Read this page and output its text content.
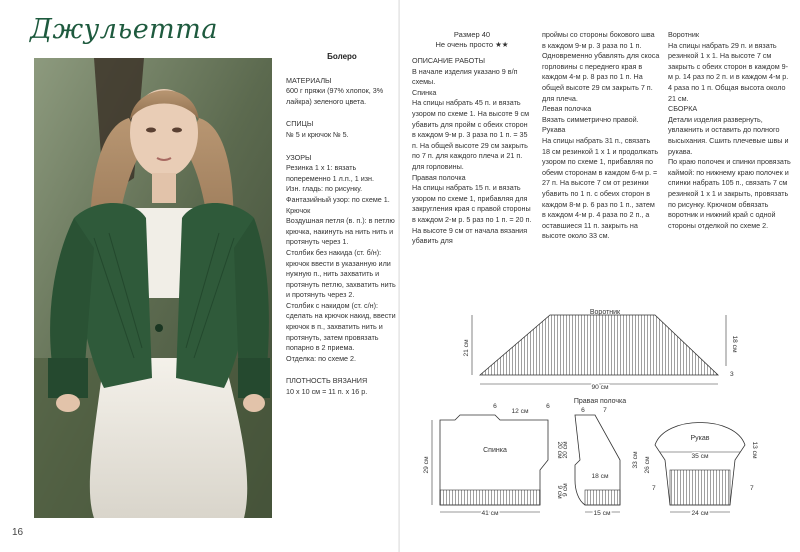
Джульетта
Болеро
МАТЕРИАЛЫ
600 г пряжи (97% хлопок, 3% лайкра) зеленого цвета.
СПИЦЫ
№ 5 и крючок № 5.
УЗОРЫ
Резинка 1 х 1: вязать попеременно 1 л.п., 1 изн.
Изн. гладь: по рисунку.
Фантазийный узор: по схеме 1.
Крючок
Воздушная петля (в. п.): в петлю крючка, накинуть на нить нить и протянуть через 1.
Столбик без накида (ст. б/н): крючок ввести в указанную или нужную п., нить захватить и протянуть петлю, захватить нить и протянуть через 2.
Столбик с накидом (ст. с/н): сделать на крючок накид, ввести крючок в п., захватить нить и протянуть, затем провязать попарно в 2 приема.
Отделка: по схеме 2.
ПЛОТНОСТЬ ВЯЗАНИЯ
10 х 10 см = 11 п. х 16 р.
16
Размер 40
Не очень просто ★★
ОПИСАНИЕ РАБОТЫ
В начале изделия указано 9 в/п схемы.
Спинка
На спицы набрать 45 п. и вязать узором по схеме 1. На высоте 9 см убавить для пройм с обеих сторон в каждом 9-м р. 3 раза по 1 п. = 35 п. На общей высоте 29 см закрыть по 7 п. для каждого плеча и 21 п. для горловины.
Правая полочка
На спицы набрать 15 п. и вязать узором по схеме 1, прибавляя для закругления края с правой стороны в каждом 2-м р. 5 раз по 1 п. = 20 п. На высоте 9 см от начала вязания убавить для
проймы со стороны бокового шва в каждом 9-м р. 3 раза по 1 п. Одновременно убавлять для скоса горловины с переднего края в каждом 4-м р. 8 раз по 1 п. На общей высоте 29 см закрыть 7 п. для плеча.
Левая полочка
Вязать симметрично правой.
Рукава
На спицы набрать 31 п., связать 18 см резинкой 1 х 1 и продолжать узором по схеме 1, прибавляя по обеим сторонам в каждом 6-м р. = 27 п. На высоте 7 см от резинки убавить по 1 п. с обеих сторон в каждом 8-м р. 6 раз по 1 п., затем в каждом 4-м р. 4 раза по 2 п., а оставшиеся 11 п. закрыть на высоте около 33 см.
Воротник
На спицы набрать 29 п. и вязать резинкой 1 х 1. На высоте 7 см закрыть с обеих сторон в каждом 9-м р. 14 раз по 2 п. и в каждом 4-м р. 4 раза по 1 п. Общая высота около 21 см.
СБОРКА
Детали изделия развернуть, увлажнить и оставить до полного высыхания. Сшить плечевые швы и рукава.
По краю полочек и спинки провязать каймой: по нижнему краю полочек и спинки набрать 105 п., связать 7 см резинкой 1 х 1 и закрыть, провязать по рисунку. Крючком обвязать воротник и нижний край с одной стороны отделкой по схеме 2.
Воротник
21 см	18 см
3
90 см
6
12 см
6
Спинка
29 см
20 см
9 см
41 см
Правая полочка
6	7
18 см
20 см
9 см
15 см
Рукав
35 см
33 см 26 см
7
13 см
7
24 см
